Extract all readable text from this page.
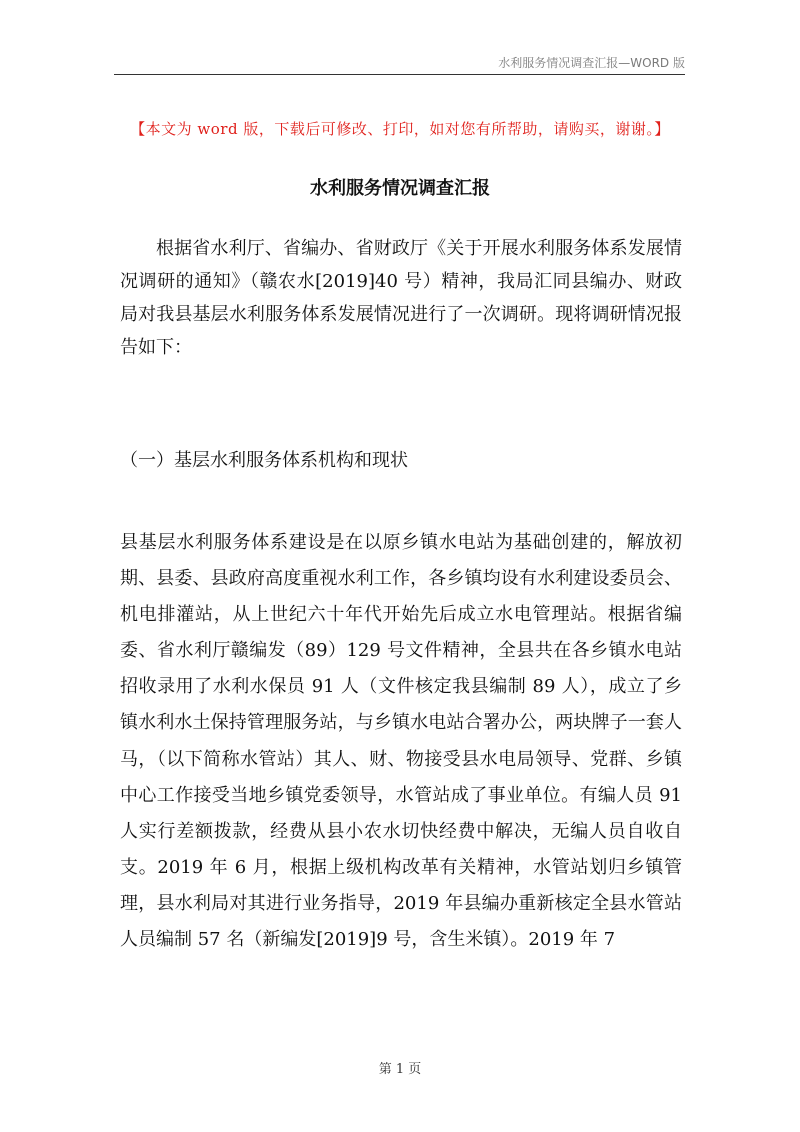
水利服务情况调查汇报—WORD 版
【本文为 word 版，下载后可修改、打印，如对您有所帮助，请购买，谢谢。】
水利服务情况调查汇报

根据省水利厅、省编办、省财政厅《关于开展水利服务体系发展情况调研的通知》（赣农水[2019]40 号）精神，我局汇同县编办、财政局对我县基层水利服务体系发展情况进行了一次调研。现将调研情况报告如下：

（一）基层水利服务体系机构和现状

县基层水利服务体系建设是在以原乡镇水电站为基础创建的，解放初期、县委、县政府高度重视水利工作，各乡镇均设有水利建设委员会、机电排灌站，从上世纪六十年代开始先后成立水电管理站。根据省编委、省水利厅赣编发（89）129 号文件精神，全县共在各乡镇水电站招收录用了水利水保员 91 人（文件核定我县编制 89 人），成立了乡镇水利水土保持管理服务站，与乡镇水电站合署办公，两块牌子一套人马，（以下简称水管站）其人、财、物接受县水电局领导、党群、乡镇中心工作接受当地乡镇党委领导，水管站成了事业单位。有编人员 91 人实行差额拨款，经费从县小农水切快经费中解决，无编人员自收自支。2019 年 6 月，根据上级机构改革有关精神，水管站划归乡镇管理，县水利局对其进行业务指导，2019 年县编办重新核定全县水管站人员编制 57 名（新编发[2019]9 号，含生米镇）。2019 年 7

第 1 页
